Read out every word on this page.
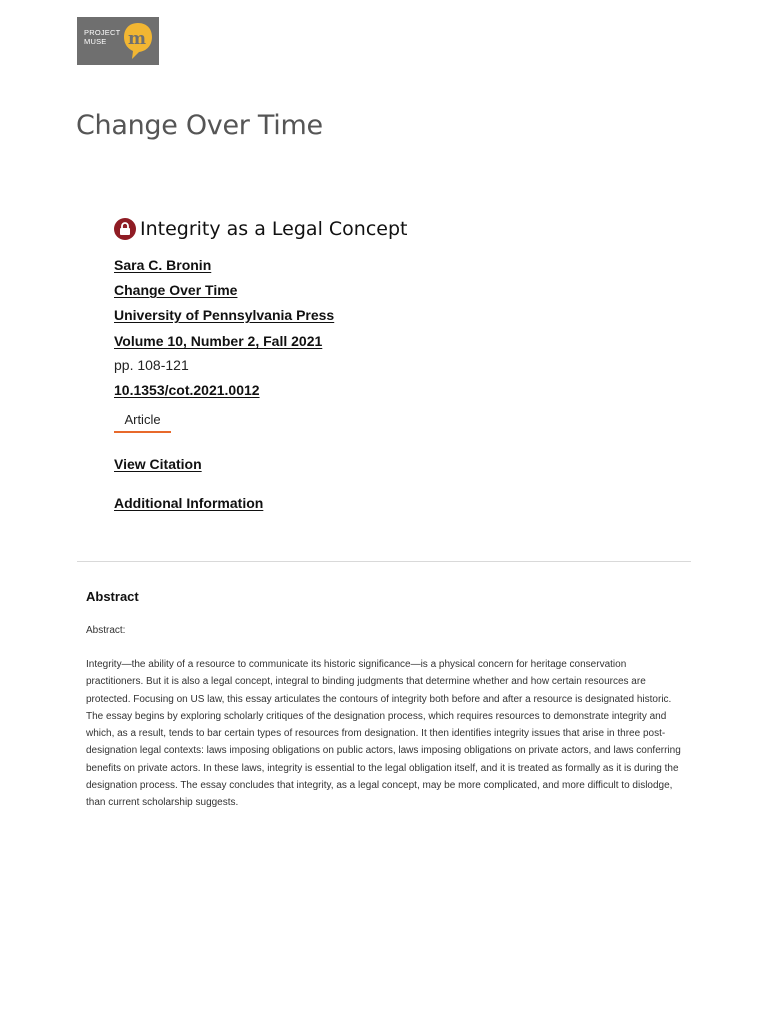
PROJECT
MUSE	m
Change Over Time
Integrity as a Legal Concept
Sara C. Bronin
Change Over Time
University of Pennsylvania Press
Volume 10, Number 2, Fall 2021
pp. 108-121
10.1353/cot.2021.0012
Article
View Citation
Additional Information
Abstract
Abstract:

Integrity—the ability of a resource to communicate its historic significance—is a physical concern for heritage conservation practitioners. But it is also a legal concept, integral to binding judgments that determine whether and how certain resources are protected. Focusing on US law, this essay articulates the contours of integrity both before and after a resource is designated historic. The essay begins by exploring scholarly critiques of the designation process, which requires resources to demonstrate integrity and which, as a result, tends to bar certain types of resources from designation. It then identifies integrity issues that arise in three post-designation legal contexts: laws imposing obligations on public actors, laws imposing obligations on private actors, and laws conferring benefits on private actors. In these laws, integrity is essential to the legal obligation itself, and it is treated as formally as it is during the designation process. The essay concludes that integrity, as a legal concept, may be more complicated, and more difficult to dislodge, than current scholarship suggests.
